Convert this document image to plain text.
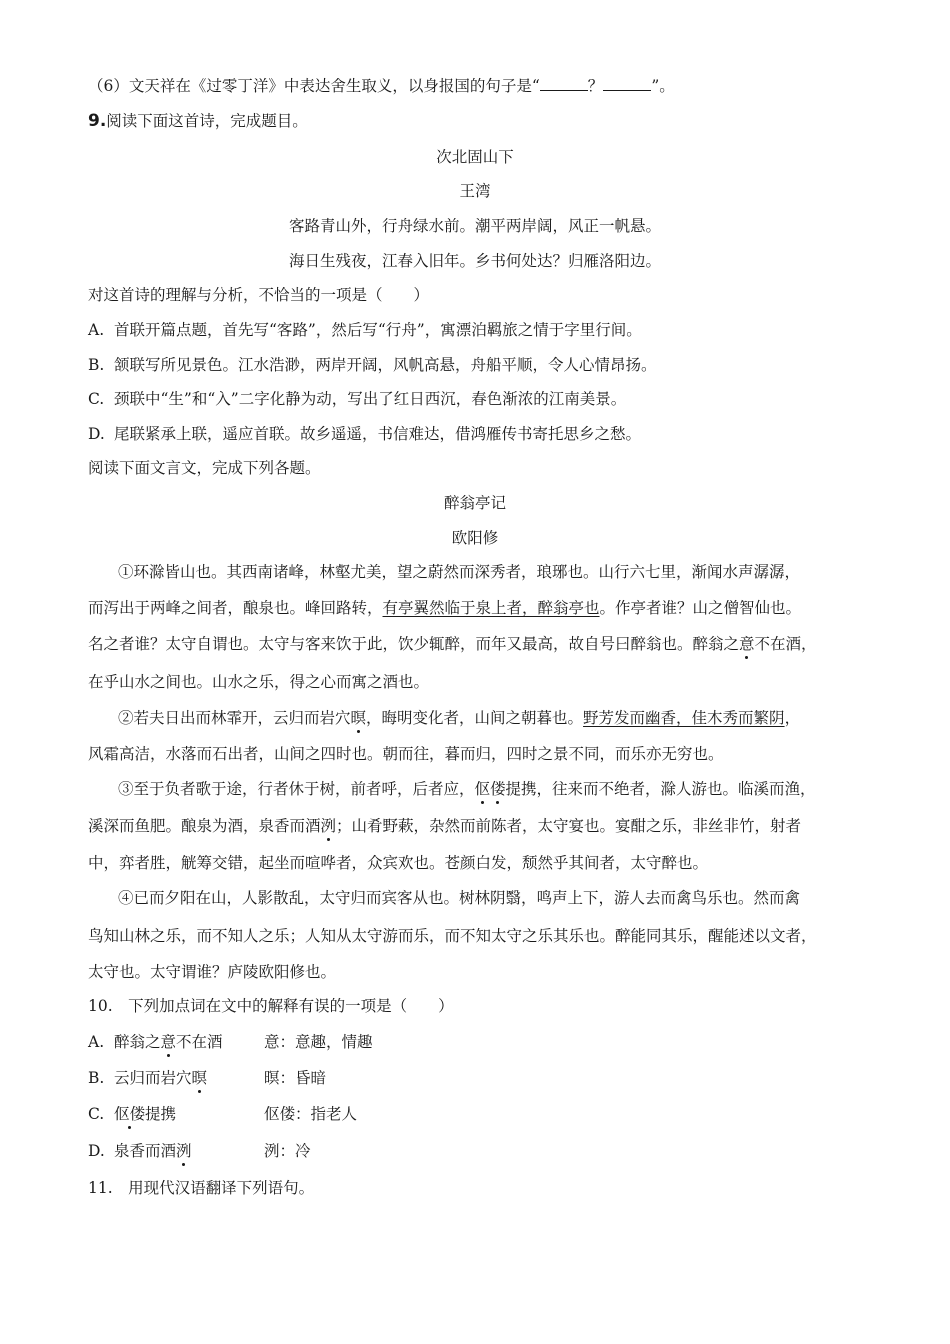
（6）文天祥在《过零丁洋》中表达舍生取义，以身报国的句子是“	？	”。
9.阅读下面这首诗，完成题目。
次北固山下
王湾
客路青山外，行舟绿水前。潮平两岸阔，风正一帆悬。
海日生残夜，江春入旧年。乡书何处达？归雁洛阳边。
对这首诗的理解与分析，不恰当的一项是（　　）
A. 首联开篇点题，首先写“客路”，然后写“行舟”，寓漂泊羁旅之情于字里行间。
B. 颔联写所见景色。江水浩渺，两岸开阔，风帆高悬，舟船平顺，令人心情昂扬。
C. 颈联中“生”和“入”二字化静为动，写出了红日西沉，春色渐浓的江南美景。
D. 尾联紧承上联，遥应首联。故乡遥遥，书信难达，借鸿雁传书寄托思乡之愁。
阅读下面文言文，完成下列各题。
醉翁亭记
欧阳修
①环滁皆山也。其西南诸峰，林壑尤美，望之蔚然而深秀者，琅琊也。山行六七里，渐闻水声潺潺，
而泻出于两峰之间者，酿泉也。峰回路转，有亭翼然临于泉上者，醉翁亭也。作亭者谁？山之僧智仙也。
名之者谁？太守自谓也。太守与客来饮于此，饮少辄醉，而年又最高，故自号曰醉翁也。醉翁之意不在酒，
在乎山水之间也。山水之乐，得之心而寓之酒也。
②若夫日出而林霏开，云归而岩穴暝，晦明变化者，山间之朝暮也。野芳发而幽香，佳木秀而繁阴，
风霜高洁，水落而石出者，山间之四时也。朝而往，暮而归，四时之景不同，而乐亦无穷也。
③至于负者歌于途，行者休于树，前者呼，后者应，伛偻提携，往来而不绝者，滁人游也。临溪而渔，
溪深而鱼肥。酿泉为酒，泉香而酒洌；山肴野蔌，杂然而前陈者，太守宴也。宴酣之乐，非丝非竹，射者
中，弈者胜，觥筹交错，起坐而喧哗者，众宾欢也。苍颜白发，颓然乎其间者，太守醉也。
④已而夕阳在山，人影散乱，太守归而宾客从也。树林阴翳，鸣声上下，游人去而禽鸟乐也。然而禽
鸟知山林之乐，而不知人之乐；人知从太守游而乐，而不知太守之乐其乐也。醉能同其乐，醒能述以文者，
太守也。太守谓谁？庐陵欧阳修也。
10.　下列加点词在文中的解释有误的一项是（　　）
A. 醉翁之意不在酒	意：意趣，情趣
B. 云归而岩穴暝	暝：昏暗
C. 伛偻提携	伛偻：指老人
D. 泉香而酒洌	洌：冷
11.　用现代汉语翻译下列语句。
